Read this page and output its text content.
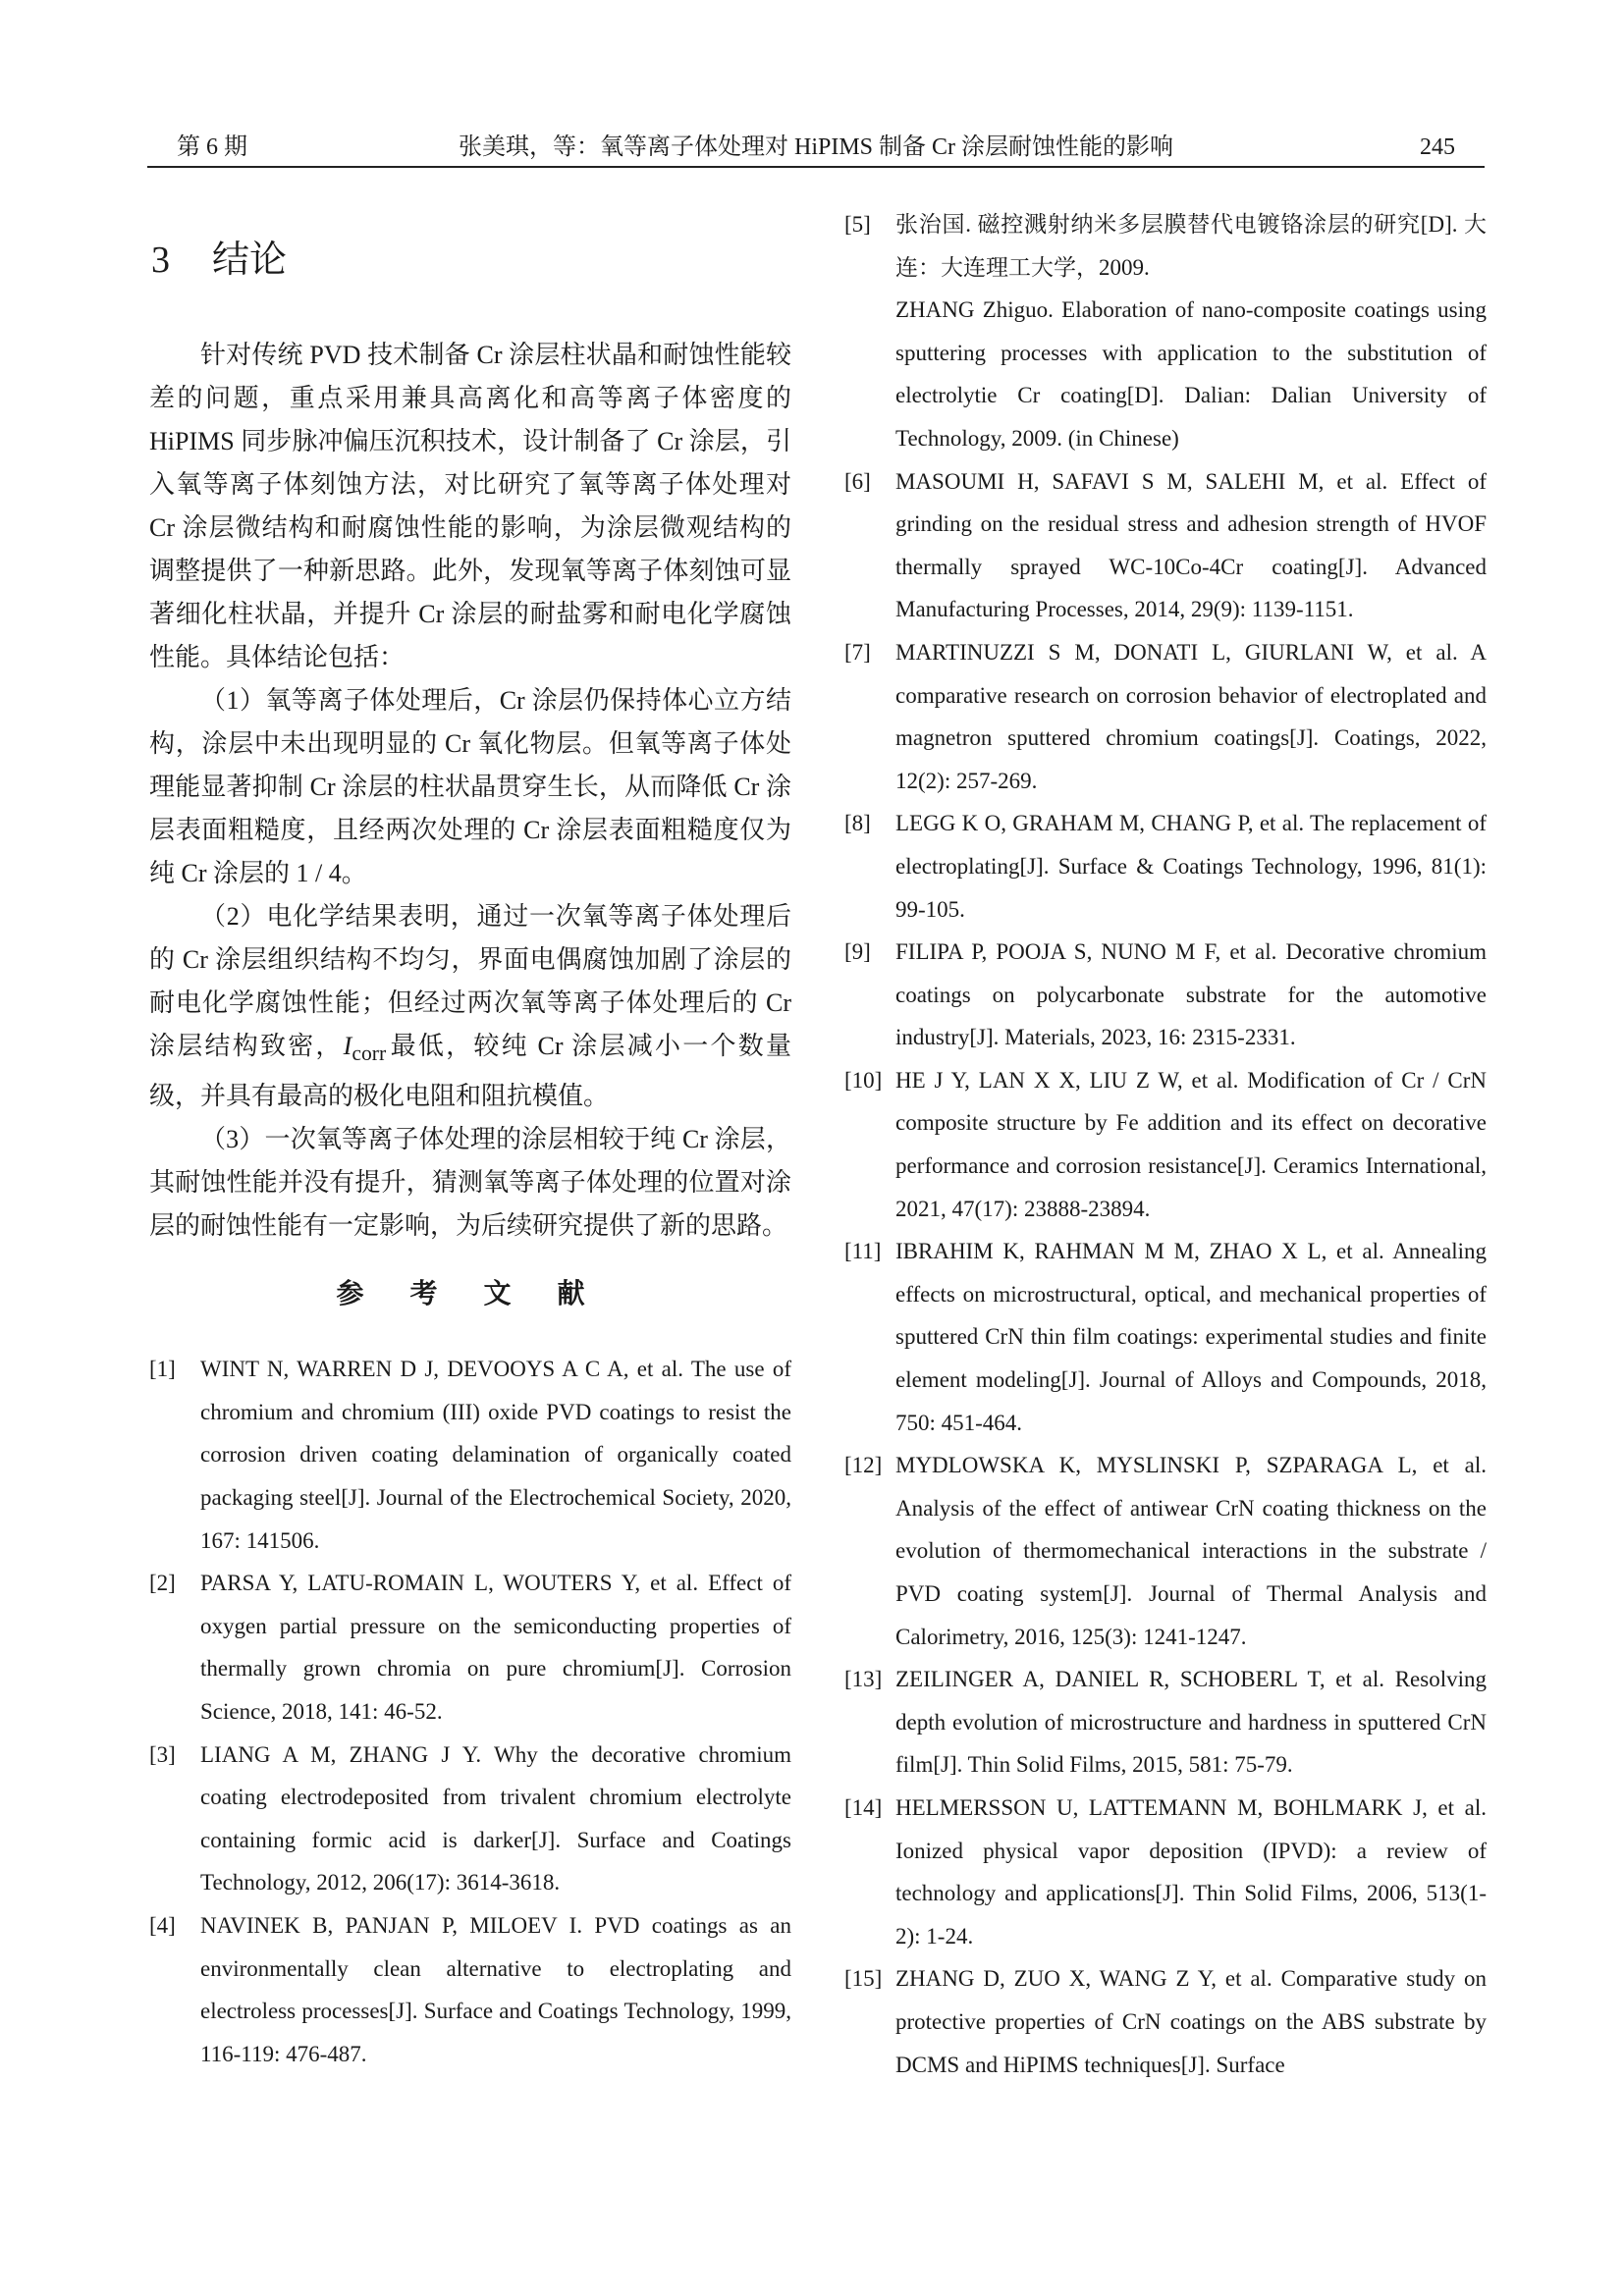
第 6 期	张美琪，等：氧等离子体处理对 HiPIMS 制备 Cr 涂层耐蚀性能的影响	245
3 结论

针对传统 PVD 技术制备 Cr 涂层柱状晶和耐蚀性能较差的问题，重点采用兼具高离化和高等离子体密度的 HiPIMS 同步脉冲偏压沉积技术，设计制备了 Cr 涂层，引入氧等离子体刻蚀方法，对比研究了氧等离子体处理对 Cr 涂层微结构和耐腐蚀性能的影响，为涂层微观结构的调整提供了一种新思路。此外，发现氧等离子体刻蚀可显著细化柱状晶，并提升 Cr 涂层的耐盐雾和耐电化学腐蚀性能。具体结论包括：

（1）氧等离子体处理后，Cr 涂层仍保持体心立方结构，涂层中未出现明显的 Cr 氧化物层。但氧等离子体处理能显著抑制 Cr 涂层的柱状晶贯穿生长，从而降低 Cr 涂层表面粗糙度，且经两次处理的 Cr 涂层表面粗糙度仅为纯 Cr 涂层的 1 / 4。

（2）电化学结果表明，通过一次氧等离子体处理后的 Cr 涂层组织结构不均匀，界面电偶腐蚀加剧了涂层的耐电化学腐蚀性能；但经过两次氧等离子体处理后的 Cr 涂层结构致密，$I_{corr}$ 最低，较纯 Cr 涂层减小一个数量级，并具有最高的极化电阻和阻抗模值。

（3）一次氧等离子体处理的涂层相较于纯 Cr 涂层，其耐蚀性能并没有提升，猜测氧等离子体处理的位置对涂层的耐蚀性能有一定影响，为后续研究提供了新的思路。

参 考 文 献
[1]	WINT N, WARREN D J, DEVOOYS A C A, et al. The use of chromium and chromium (III) oxide PVD coatings to resist the corrosion driven coating delamination of organically coated packaging steel[J]. Journal of the Electrochemical Society, 2020, 167: 141506.
[2]	PARSA Y, LATU-ROMAIN L, WOUTERS Y, et al. Effect of oxygen partial pressure on the semiconducting properties of thermally grown chromia on pure chromium[J]. Corrosion Science, 2018, 141: 46-52.
[3]	LIANG A M, ZHANG J Y. Why the decorative chromium coating electrodeposited from trivalent chromium electrolyte containing formic acid is darker[J]. Surface and Coatings Technology, 2012, 206(17): 3614-3618.
[4]	NAVINEK B, PANJAN P, MILOEV I. PVD coatings as an environmentally clean alternative to electroplating and electroless processes[J]. Surface and Coatings Technology, 1999, 116-119: 476-487.
[5]	张治国. 磁控溅射纳米多层膜替代电镀铬涂层的研究[D]. 大连：大连理工大学，2009.
ZHANG Zhiguo. Elaboration of nano-composite coatings using sputtering processes with application to the substitution of electrolytie Cr coating[D]. Dalian: Dalian University of Technology, 2009. (in Chinese)
[6]	MASOUMI H, SAFAVI S M, SALEHI M, et al. Effect of grinding on the residual stress and adhesion strength of HVOF thermally sprayed WC-10Co-4Cr coating[J]. Advanced Manufacturing Processes, 2014, 29(9): 1139-1151.
[7]	MARTINUZZI S M, DONATI L, GIURLANI W, et al. A comparative research on corrosion behavior of electroplated and magnetron sputtered chromium coatings[J]. Coatings, 2022, 12(2): 257-269.
[8]	LEGG K O, GRAHAM M, CHANG P, et al. The replacement of electroplating[J]. Surface & Coatings Technology, 1996, 81(1): 99-105.
[9]	FILIPA P, POOJA S, NUNO M F, et al. Decorative chromium coatings on polycarbonate substrate for the automotive industry[J]. Materials, 2023, 16: 2315-2331.
[10] HE J Y, LAN X X, LIU Z W, et al. Modification of Cr / CrN composite structure by Fe addition and its effect on decorative performance and corrosion resistance[J]. Ceramics International, 2021, 47(17): 23888-23894.
[11] IBRAHIM K, RAHMAN M M, ZHAO X L, et al. Annealing effects on microstructural, optical, and mechanical properties of sputtered CrN thin film coatings: experimental studies and finite element modeling[J]. Journal of Alloys and Compounds, 2018, 750: 451-464.
[12] MYDLOWSKA K, MYSLINSKI P, SZPARAGA L, et al. Analysis of the effect of antiwear CrN coating thickness on the evolution of thermomechanical interactions in the substrate / PVD coating system[J]. Journal of Thermal Analysis and Calorimetry, 2016, 125(3): 1241-1247.
[13] ZEILINGER A, DANIEL R, SCHOBERL T, et al. Resolving depth evolution of microstructure and hardness in sputtered CrN film[J]. Thin Solid Films, 2015, 581: 75-79.
[14] HELMERSSON U, LATTEMANN M, BOHLMARK J, et al. Ionized physical vapor deposition (IPVD): a review of technology and applications[J]. Thin Solid Films, 2006, 513(1-2): 1-24.
[15] ZHANG D, ZUO X, WANG Z Y, et al. Comparative study on protective properties of CrN coatings on the ABS substrate by DCMS and HiPIMS techniques[J]. Surface
